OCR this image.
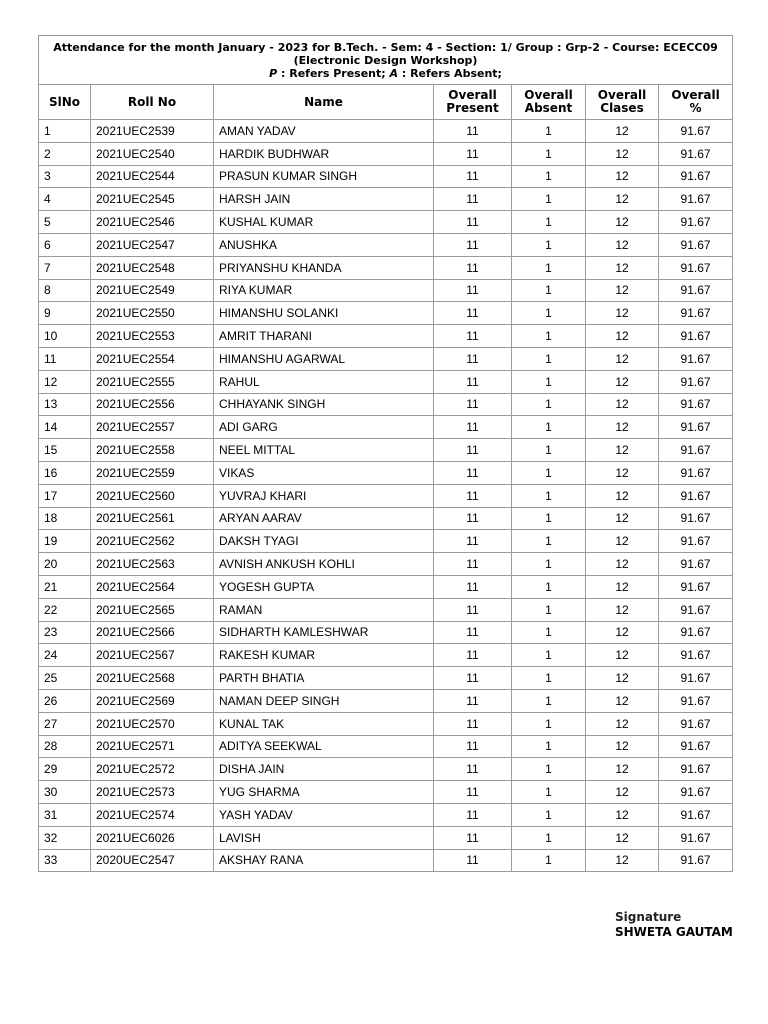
Attendance for the month January - 2023 for B.Tech. - Sem: 4 - Section: 1/ Group : Grp-2 - Course: ECECC09
(Electronic Design Workshop)
P : Refers Present; A : Refers Absent;						

SlNo	Roll No	Name	Overall Present	Overall Absent	Overall Clases	Overall %
1	2021UEC2539	AMAN YADAV	11	1	12	91.67
2	2021UEC2540	HARDIK BUDHWAR	11	1	12	91.67
3	2021UEC2544	PRASUN KUMAR SINGH	11	1	12	91.67
4	2021UEC2545	HARSH JAIN	11	1	12	91.67
5	2021UEC2546	KUSHAL KUMAR	11	1	12	91.67
6	2021UEC2547	ANUSHKA	11	1	12	91.67
7	2021UEC2548	PRIYANSHU KHANDA	11	1	12	91.67
8	2021UEC2549	RIYA KUMAR	11	1	12	91.67
9	2021UEC2550	HIMANSHU SOLANKI	11	1	12	91.67
10	2021UEC2553	AMRIT THARANI	11	1	12	91.67
11	2021UEC2554	HIMANSHU AGARWAL	11	1	12	91.67
12	2021UEC2555	RAHUL	11	1	12	91.67
13	2021UEC2556	CHHAYANK SINGH	11	1	12	91.67
14	2021UEC2557	ADI GARG	11	1	12	91.67
15	2021UEC2558	NEEL MITTAL	11	1	12	91.67
16	2021UEC2559	VIKAS	11	1	12	91.67
17	2021UEC2560	YUVRAJ KHARI	11	1	12	91.67
18	2021UEC2561	ARYAN AARAV	11	1	12	91.67
19	2021UEC2562	DAKSH TYAGI	11	1	12	91.67
20	2021UEC2563	AVNISH ANKUSH KOHLI	11	1	12	91.67
21	2021UEC2564	YOGESH GUPTA	11	1	12	91.67
22	2021UEC2565	RAMAN	11	1	12	91.67
23	2021UEC2566	SIDHARTH KAMLESHWAR	11	1	12	91.67
24	2021UEC2567	RAKESH KUMAR	11	1	12	91.67
25	2021UEC2568	PARTH BHATIA	11	1	12	91.67
26	2021UEC2569	NAMAN DEEP SINGH	11	1	12	91.67
27	2021UEC2570	KUNAL TAK	11	1	12	91.67
28	2021UEC2571	ADITYA SEEKWAL	11	1	12	91.67
29	2021UEC2572	DISHA JAIN	11	1	12	91.67
30	2021UEC2573	YUG SHARMA	11	1	12	91.67
31	2021UEC2574	YASH YADAV	11	1	12	91.67
32	2021UEC6026	LAVISH	11	1	12	91.67
33	2020UEC2547	AKSHAY RANA	11	1	12	91.67
Signature
SHWETA GAUTAM
